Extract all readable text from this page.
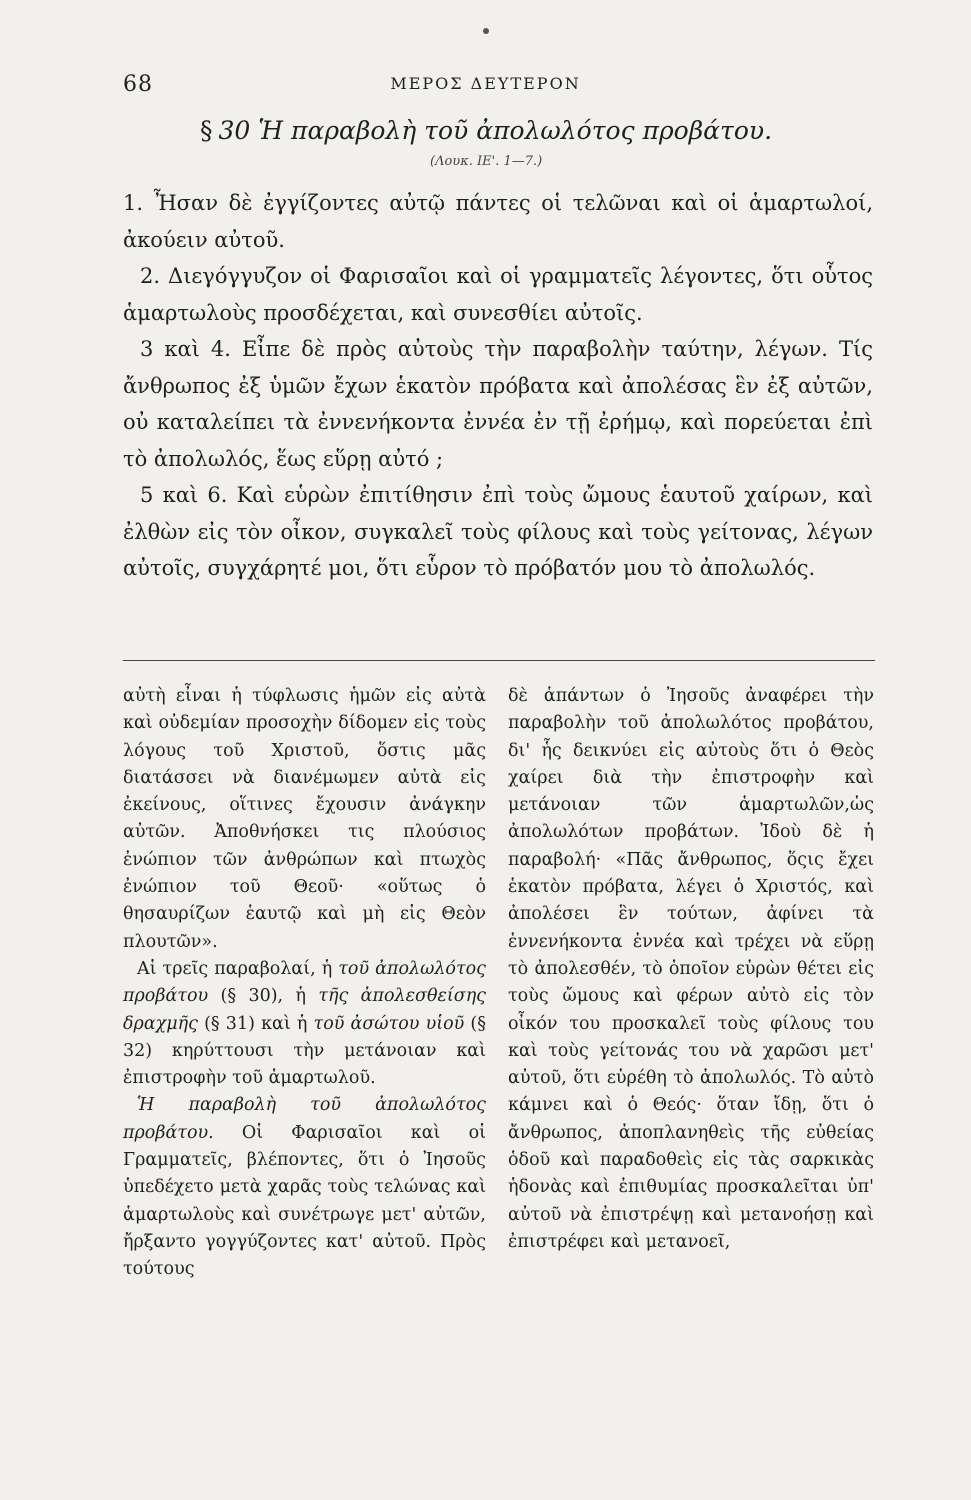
68	ΜΕΡΟΣ ΔΕΥΤΕΡΟΝ
§ 30 Ἡ παραβολὴ τοῦ ἀπολωλότος προβάτου.
(Λουκ. ΙΕ'. 1—7.)

1. Ἦσαν δὲ ἐγγίζοντες αὐτῷ πάντες οἱ τελῶναι καὶ οἱ ἁμαρτωλοί, ἀκούειν αὐτοῦ.

2. Διεγόγγυζον οἱ Φαρισαῖοι καὶ οἱ γραμματεῖς λέγοντες, ὅτι οὗτος ἁμαρτωλοὺς προσδέχεται, καὶ συνεσθίει αὐτοῖς.

3 καὶ 4. Εἶπε δὲ πρὸς αὐτοὺς τὴν παραβολὴν ταύτην, λέγων. Τίς ἄνθρωπος ἐξ ὑμῶν ἔχων ἑκατὸν πρόβατα καὶ ἀπολέσας ἓν ἐξ αὐτῶν, οὐ καταλείπει τὰ ἐννενήκοντα ἐννέα ἐν τῇ ἐρήμῳ, καὶ πορεύεται ἐπὶ τὸ ἀπολωλός, ἕως εὕρῃ αὐτό ;

5 καὶ 6. Καὶ εὑρὼν ἐπιτίθησιν ἐπὶ τοὺς ὤμους ἑαυτοῦ χαίρων, καὶ ἐλθὼν εἰς τὸν οἶκον, συγκαλεῖ τοὺς φίλους καὶ τοὺς γείτονας, λέγων αὐτοῖς, συγχάρητέ μοι, ὅτι εὗρον τὸ πρόβατόν μου τὸ ἀπολωλός.

αὐτὴ εἶναι ἡ τύφλωσις ἡμῶν εἰς αὐτὰ καὶ οὐδεμίαν προσοχὴν δίδομεν εἰς τοὺς λόγους τοῦ Χριστοῦ, ὅστις μᾶς διατάσσει νὰ διανέμωμεν αὐτὰ εἰς ἐκείνους, οἵτινες ἔχουσιν ἀνάγκην αὐτῶν. Ἀποθνήσκει τις πλούσιος ἐνώπιον τῶν ἀνθρώπων καὶ πτωχὸς ἐνώπιον τοῦ Θεοῦ· «οὕτως ὁ θησαυρίζων ἑαυτῷ καὶ μὴ εἰς Θεὸν πλουτῶν».

Αἱ τρεῖς παραβολαί, ἡ τοῦ ἀπολωλότος προβάτου (§ 30), ἡ τῆς ἀπολεσθείσης δραχμῆς (§ 31) καὶ ἡ τοῦ ἀσώτου υἱοῦ (§ 32) κηρύττουσι τὴν μετάνοιαν καὶ ἐπιστροφὴν τοῦ ἁμαρτωλοῦ.

Ἡ παραβολὴ τοῦ ἀπολωλότος προβάτου. Οἱ Φαρισαῖοι καὶ οἱ Γραμματεῖς, βλέποντες, ὅτι ὁ Ἰησοῦς ὑπεδέχετο μετὰ χαρᾶς τοὺς τελώνας καὶ ἁμαρτωλοὺς καὶ συνέτρωγε μετ' αὐτῶν, ἤρξαντο γογγύζοντες κατ' αὐτοῦ. Πρὸς τούτους

δὲ ἁπάντων ὁ Ἰησοῦς ἀναφέρει τὴν παραβολὴν τοῦ ἀπολωλότος προβάτου, δι' ἧς δεικνύει εἰς αὐτοὺς ὅτι ὁ Θεὸς χαίρει διὰ τὴν ἐπιστροφὴν καὶ μετάνοιαν τῶν ἁμαρτωλῶν,ὡς ἀπολωλότων προβάτων. Ἰδοὺ δὲ ἡ παραβολή· «Πᾶς ἄνθρωπος, ὅςις ἔχει ἑκατὸν πρόβατα, λέγει ὁ Χριστός, καὶ ἀπολέσει ἓν τούτων, ἀφίνει τὰ ἐννενήκοντα ἐννέα καὶ τρέχει νὰ εὕρῃ τὸ ἀπολεσθέν, τὸ ὁποῖον εὑρὼν θέτει εἰς τοὺς ὤμους καὶ φέρων αὐτὸ εἰς τὸν οἶκόν του προσκαλεῖ τοὺς φίλους του καὶ τοὺς γείτονάς του νὰ χαρῶσι μετ' αὐτοῦ, ὅτι εὑρέθη τὸ ἀπολωλός. Τὸ αὐτὸ κάμνει καὶ ὁ Θεός· ὅταν ἴδῃ, ὅτι ὁ ἄνθρωπος, ἀποπλανηθεὶς τῆς εὐθείας ὁδοῦ καὶ παραδοθεὶς εἰς τὰς σαρκικὰς ἡδονὰς καὶ ἐπιθυμίας προσκαλεῖται ὑπ' αὐτοῦ νὰ ἐπιστρέψῃ καὶ μετανοήσῃ καὶ ἐπιστρέφει καὶ μετανοεῖ,
